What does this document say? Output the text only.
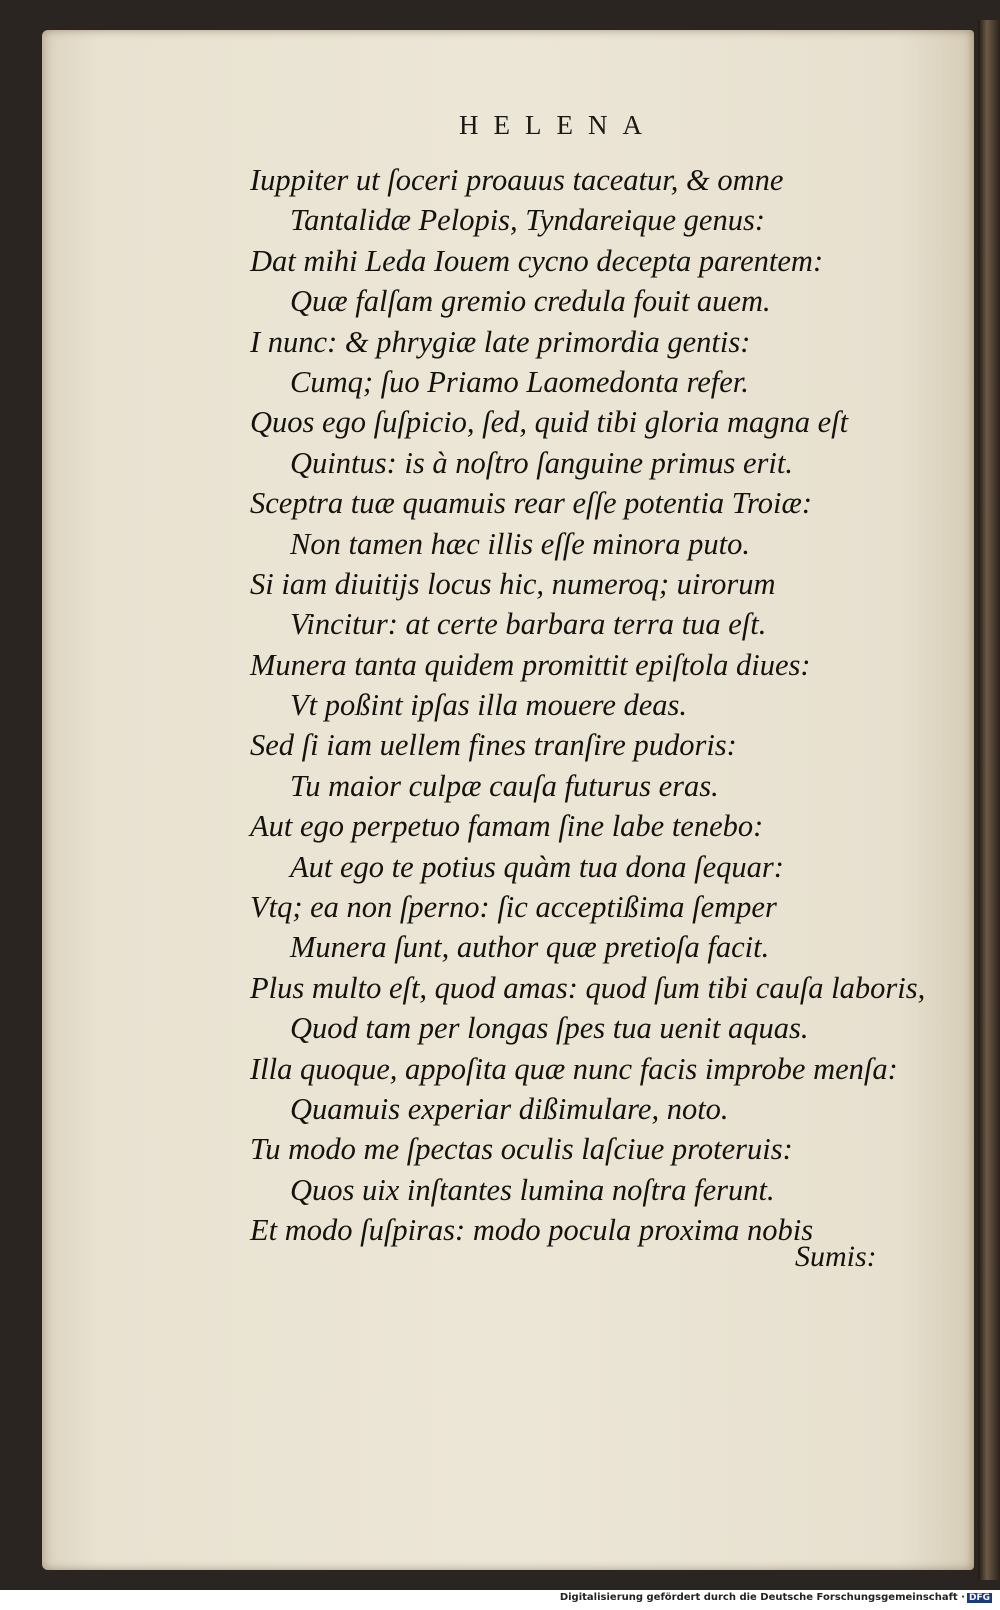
HELENA
Iuppiter ut ſoceri proauus taceatur, & omne
Tantalidæ Pelopis, Tyndareique genus:
Dat mihi Leda Iouem cycno decepta parentem:
Quæ falſam gremio credula fouit auem.
I nunc: & phrygiæ late primordia gentis:
Cumq; ſuo Priamo Laomedonta refer.
Quos ego ſuſpicio, ſed, quid tibi gloria magna eſt
Quintus: is à noſtro ſanguine primus erit.
Sceptra tuæ quamuis rear eſſe potentia Troiæ:
Non tamen hæc illis eſſe minora puto.
Si iam diuitijs locus hic, numeroq; uirorum
Vincitur: at certe barbara terra tua eſt.
Munera tanta quidem promittit epiſtola diues:
Vt poßint ipſas illa mouere deas.
Sed ſi iam uellem fines tranſire pudoris:
Tu maior culpæ cauſa futurus eras.
Aut ego perpetuo famam ſine labe tenebo:
Aut ego te potius quàm tua dona ſequar:
Vtq; ea non ſperno: ſic acceptißima ſemper
Munera ſunt, author quæ pretioſa facit.
Plus multo eſt, quod amas: quod ſum tibi cauſa laboris,
Quod tam per longas ſpes tua uenit aquas.
Illa quoque, appoſita quæ nunc facis improbe menſa:
Quamuis experiar dißimulare, noto.
Tu modo me ſpectas oculis laſciue proteruis:
Quos uix inſtantes lumina noſtra ferunt.
Et modo ſuſpiras: modo pocula proxima nobis
Sumis:
Digitalisierung gefördert durch die Deutsche Forschungsgemeinschaft · DFG
